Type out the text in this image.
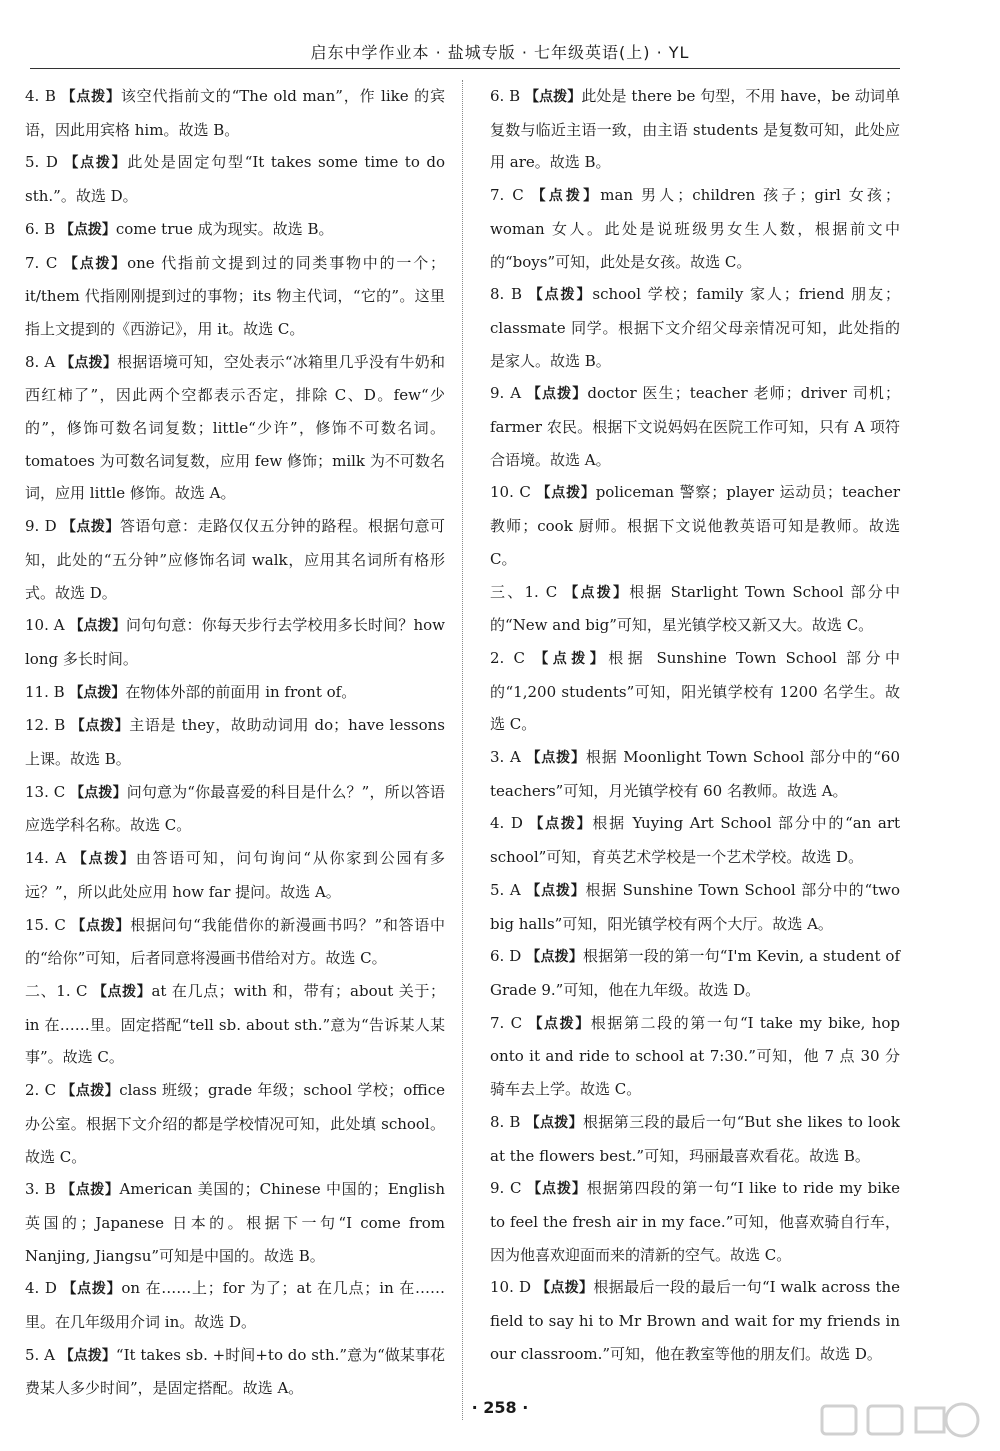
启东中学作业本 · 盐城专版 · 七年级英语(上) · YL

4. B 【点拨】该空代指前文的“The old man”，作 like 的宾语，因此用宾格 him。故选 B。

5. D 【点拨】此处是固定句型“It takes some time to do sth.”。故选 D。

6. B 【点拨】come true 成为现实。故选 B。

7. C 【点拨】one 代指前文提到过的同类事物中的一个；it/them 代指刚刚提到过的事物；its 物主代词，“它的”。这里指上文提到的《西游记》，用 it。故选 C。

8. A 【点拨】根据语境可知，空处表示“冰箱里几乎没有牛奶和西红柿了”，因此两个空都表示否定，排除 C、D。few“少的”，修饰可数名词复数；little“少许”，修饰不可数名词。tomatoes 为可数名词复数，应用 few 修饰；milk 为不可数名词，应用 little 修饰。故选 A。

9. D 【点拨】答语句意：走路仅仅五分钟的路程。根据句意可知，此处的“五分钟”应修饰名词 walk，应用其名词所有格形式。故选 D。

10. A 【点拨】问句句意：你每天步行去学校用多长时间？how long 多长时间。

11. B 【点拨】在物体外部的前面用 in front of。

12. B 【点拨】主语是 they，故助动词用 do；have lessons 上课。故选 B。

13. C 【点拨】问句意为“你最喜爱的科目是什么？”，所以答语应选学科名称。故选 C。

14. A 【点拨】由答语可知，问句询问“从你家到公园有多远？”，所以此处应用 how far 提问。故选 A。

15. C 【点拨】根据问句“我能借你的新漫画书吗？”和答语中的“给你”可知，后者同意将漫画书借给对方。故选 C。

二、1. C 【点拨】at 在几点；with 和，带有；about 关于；in 在……里。固定搭配“tell sb. about sth.”意为“告诉某人某事”。故选 C。

2. C 【点拨】class 班级；grade 年级；school 学校；office 办公室。根据下文介绍的都是学校情况可知，此处填 school。故选 C。

3. B 【点拨】American 美国的；Chinese 中国的；English 英国的；Japanese 日本的。根据下一句“I come from Nanjing, Jiangsu”可知是中国的。故选 B。

4. D 【点拨】on 在……上；for 为了；at 在几点；in 在……里。在几年级用介词 in。故选 D。

5. A 【点拨】“It takes sb. +时间+to do sth.”意为“做某事花费某人多少时间”，是固定搭配。故选 A。

6. B 【点拨】此处是 there be 句型，不用 have，be 动词单复数与临近主语一致，由主语 students 是复数可知，此处应用 are。故选 B。

7. C 【点拨】man 男人；children 孩子；girl 女孩；woman 女人。此处是说班级男女生人数，根据前文中的“boys”可知，此处是女孩。故选 C。

8. B 【点拨】school 学校；family 家人；friend 朋友；classmate 同学。根据下文介绍父母亲情况可知，此处指的是家人。故选 B。

9. A 【点拨】doctor 医生；teacher 老师；driver 司机；farmer 农民。根据下文说妈妈在医院工作可知，只有 A 项符合语境。故选 A。

10. C 【点拨】policeman 警察；player 运动员；teacher 教师；cook 厨师。根据下文说他教英语可知是教师。故选 C。

三、1. C 【点拨】根据 Starlight Town School 部分中的“New and big”可知，星光镇学校又新又大。故选 C。

2. C 【点拨】根据 Sunshine Town School 部分中的“1,200 students”可知，阳光镇学校有 1200 名学生。故选 C。

3. A 【点拨】根据 Moonlight Town School 部分中的“60 teachers”可知，月光镇学校有 60 名教师。故选 A。

4. D 【点拨】根据 Yuying Art School 部分中的“an art school”可知，育英艺术学校是一个艺术学校。故选 D。

5. A 【点拨】根据 Sunshine Town School 部分中的“two big halls”可知，阳光镇学校有两个大厅。故选 A。

6. D 【点拨】根据第一段的第一句“I'm Kevin, a student of Grade 9.”可知，他在九年级。故选 D。

7. C 【点拨】根据第二段的第一句“I take my bike, hop onto it and ride to school at 7:30.”可知，他 7 点 30 分骑车去上学。故选 C。

8. B 【点拨】根据第三段的最后一句“But she likes to look at the flowers best.”可知，玛丽最喜欢看花。故选 B。

9. C 【点拨】根据第四段的第一句“I like to ride my bike to feel the fresh air in my face.”可知，他喜欢骑自行车，因为他喜欢迎面而来的清新的空气。故选 C。

10. D 【点拨】根据最后一段的最后一句“I walk across the field to say hi to Mr Brown and wait for my friends in our classroom.”可知，他在教室等他的朋友们。故选 D。

· 258 ·
